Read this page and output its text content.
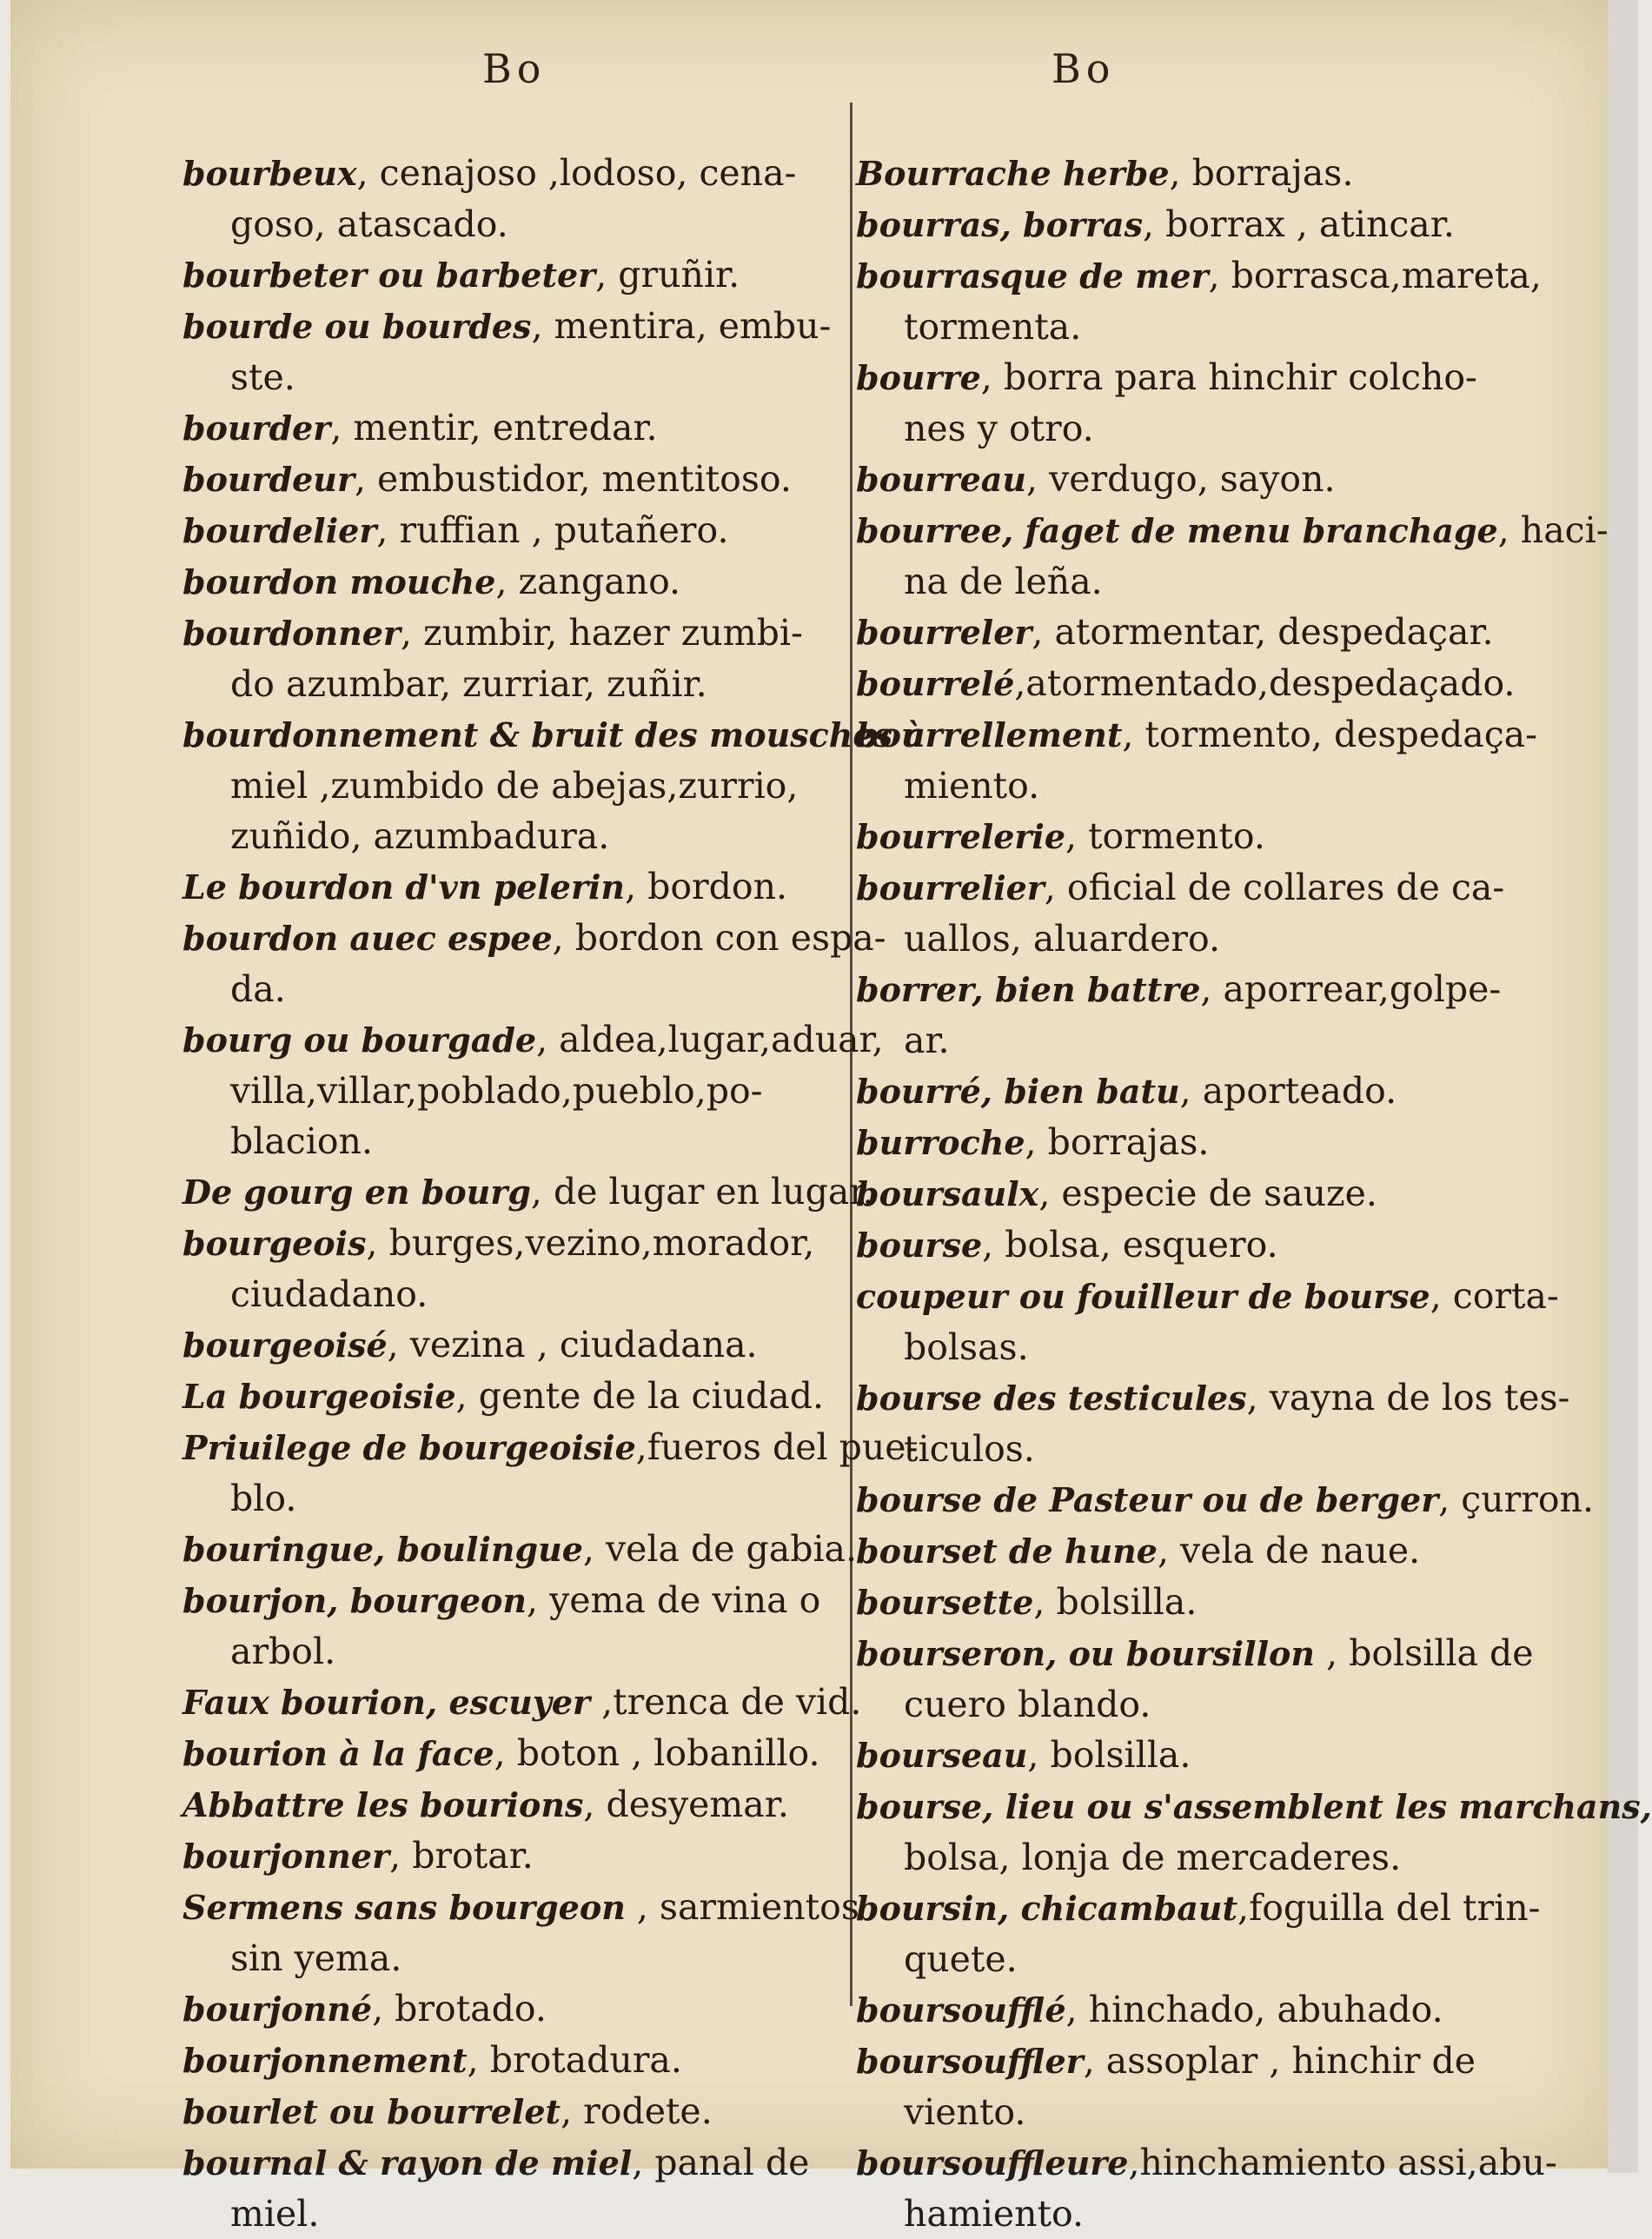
Bo	Bo

bourbeux, cenajoso ,lodoso, cena-
goso, atascado.

bourbeter ou barbeter, gruñir.

bourde ou bourdes, mentira, embu-
ste.

bourder, mentir, entredar.

bourdeur, embustidor, mentitoso.

bourdelier, ruffian , putañero.

bourdon mouche, zangano.

bourdonner, zumbir, hazer zumbi-
do azumbar, zurriar, zuñir.

bourdonnement & bruit des mousches à
miel ,zumbido de abejas,zurrio,
zuñido, azumbadura.

Le bourdon d'vn pelerin, bordon.

bourdon auec espee, bordon con espa-
da.

bourg ou bourgade, aldea,lugar,aduar,
villa,villar,poblado,pueblo,po-
blacion.

De gourg en bourg, de lugar en lugar.

bourgeois, burges,vezino,morador,
ciudadano.

bourgeoisé, vezina , ciudadana.

La bourgeoisie, gente de la ciudad.

Priuilege de bourgeoisie,fueros del pue-
blo.

bouringue, boulingue, vela de gabia.

bourjon, bourgeon, yema de vina o
arbol.

Faux bourion, escuyer ,trenca de vid.

bourion à la face, boton , lobanillo.

Abbattre les bourions, desyemar.

bourjonner, brotar.

Sermens sans bourgeon , sarmientos
sin yema.

bourjonné, brotado.

bourjonnement, brotadura.

bourlet ou bourrelet, rodete.

bournal & rayon de miel, panal de
miel.

Bourrache herbe, borrajas.

bourras, borras, borrax , atincar.

bourrasque de mer, borrasca,mareta,
tormenta.

bourre, borra para hinchir colcho-
nes y otro.

bourreau, verdugo, sayon.

bourree, faget de menu branchage, haci-
na de leña.

bourreler, atormentar, despedaçar.

bourrelé,atormentado,despedaçado.

bourrellement, tormento, despedaça-
miento.

bourrelerie, tormento.

bourrelier, oficial de collares de ca-
uallos, aluardero.

borrer, bien battre, aporrear,golpe-
ar.

bourré, bien batu, aporteado.

burroche, borrajas.

boursaulx, especie de sauze.

bourse, bolsa, esquero.

coupeur ou fouilleur de bourse, corta-
bolsas.

bourse des testicules, vayna de los tes-
ticulos.

bourse de Pasteur ou de berger, çurron.

bourset de hune, vela de naue.

boursette, bolsilla.

bourseron, ou boursillon , bolsilla de
cuero blando.

bourseau, bolsilla.

bourse, lieu ou s'assemblent les marchans,
bolsa, lonja de mercaderes.

boursin, chicambaut,foguilla del trin-
quete.

boursoufflé, hinchado, abuhado.

boursouffler, assoplar , hinchir de
viento.

boursouffleure,hinchamiento assi,abu-
hamiento.
